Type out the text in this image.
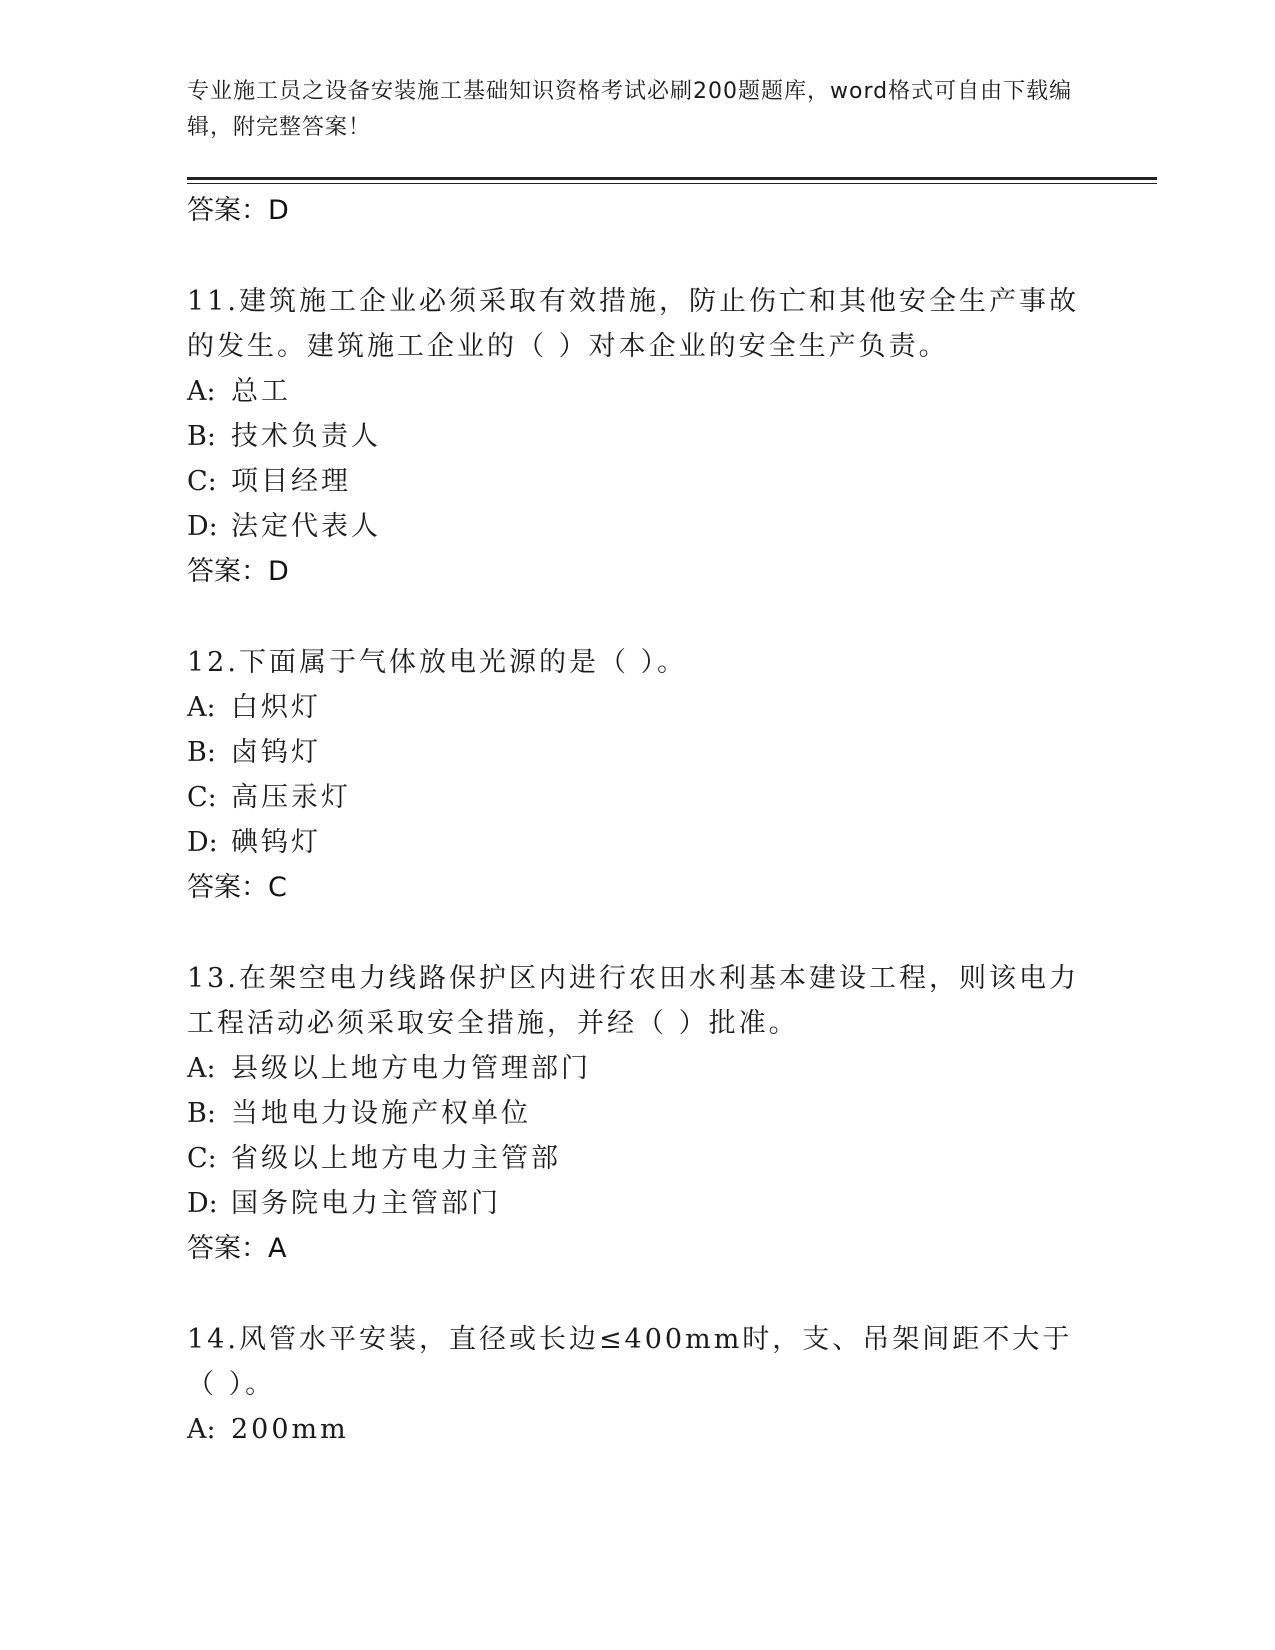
专业施工员之设备安装施工基础知识资格考试必刷200题题库，word格式可自由下载编辑，附完整答案！
答案：D
11.建筑施工企业必须采取有效措施，防止伤亡和其他安全生产事故的发生。建筑施工企业的（ ）对本企业的安全生产负责。
A: 总工
B: 技术负责人
C: 项目经理
D: 法定代表人
答案：D
12.下面属于气体放电光源的是（ ）。
A: 白炽灯
B: 卤钨灯
C: 高压汞灯
D: 碘钨灯
答案：C
13.在架空电力线路保护区内进行农田水利基本建设工程，则该电力工程活动必须采取安全措施，并经（ ）批准。
A: 县级以上地方电力管理部门
B: 当地电力设施产权单位
C: 省级以上地方电力主管部
D: 国务院电力主管部门
答案：A
14.风管水平安装，直径或长边≤400mm时，支、吊架间距不大于（ ）。
A: 200mm
